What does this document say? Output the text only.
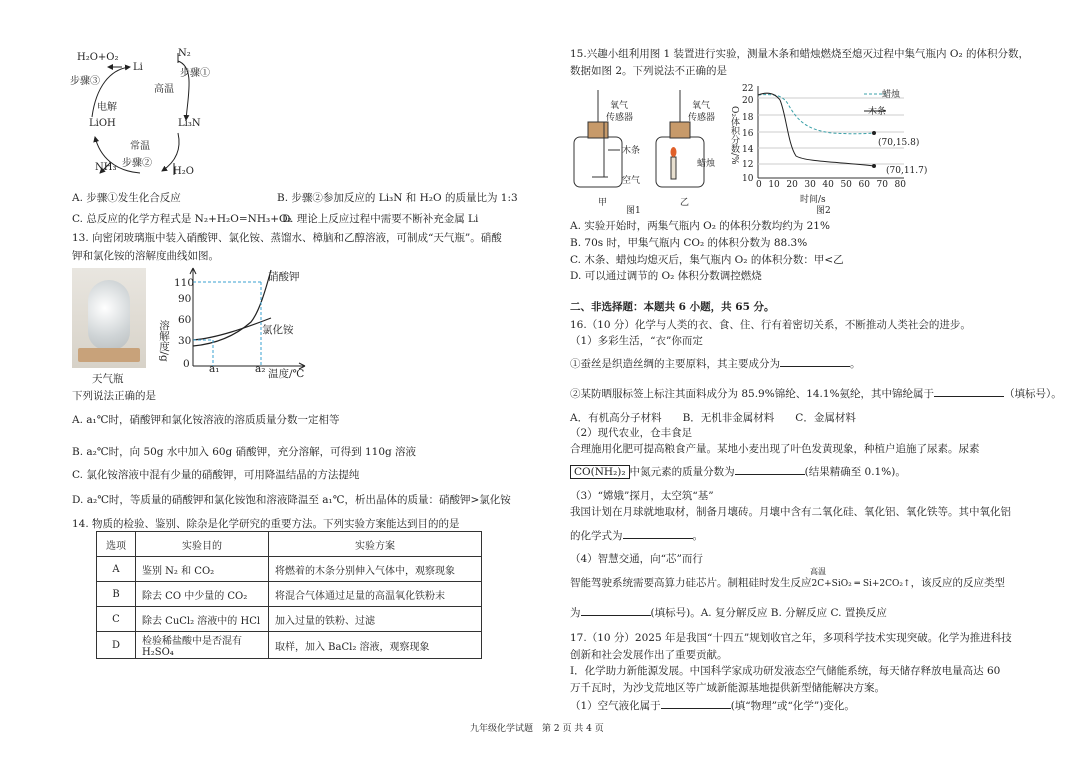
H₂O+O₂
Li
N₂
步骤③
步骤①
高温
电解
LiOH	Li₃N
常温
步骤②
NH₃	H₂O
A. 步骤①发生化合反应	B. 步骤②参加反应的 Li₃N 和 H₂O 的质量比为 1:3
C. 总反应的化学方程式是 N₂+H₂O=NH₃+O₂
D. 理论上反应过程中需要不断补充金属 Li
13. 向密闭玻璃瓶中装入硝酸钾、氯化铵、蒸馏水、樟脑和乙醇溶液，可制成“天气瓶”。硝酸
钾和氯化铵的溶解度曲线如图。
天气瓶
110
90
60
30
0
溶解度/g
a₁	a₂ 温度/℃
硝酸钾
氯化铵
下列说法正确的是
A. a₁℃时，硝酸钾和氯化铵溶液的溶质质量分数一定相等
B. a₂℃时，向 50g 水中加入 60g 硝酸钾，充分溶解，可得到 110g 溶液
C. 氯化铵溶液中混有少量的硝酸钾，可用降温结晶的方法提纯
D. a₂℃时，等质量的硝酸钾和氯化铵饱和溶液降温至 a₁℃，析出晶体的质量：硝酸钾>氯化铵
14. 物质的检验、鉴别、除杂是化学研究的重要方法。下列实验方案能达到目的的是
选项	实验目的	实验方案
A	鉴别 N₂ 和 CO₂	将燃着的木条分别伸入气体中，观察现象
B	除去 CO 中少量的 CO₂	将混合气体通过足量的高温氧化铁粉末
C	除去 CuCl₂ 溶液中的 HCl	加入过量的铁粉、过滤
D	检验稀盐酸中是否混有 H₂SO₄	取样，加入 BaCl₂ 溶液，观察现象
15.兴趣小组利用图 1 装置进行实验，测量木条和蜡烛燃烧至熄灭过程中集气瓶内 O₂ 的体积分数，
数据如图 2。下列说法不正确的是
氧气
传感器
氧气
传感器
木条
蜡烛
空气
甲	乙
图1
蜡烛
木条
(70,15.8)
(70,11.7)
22
20
18
16
14
12
10
O₂体积分数/%
0 10 20 30 40 50 60 70 80
时间/s
图2
A. 实验开始时，两集气瓶内 O₂ 的体积分数均约为 21%
B. 70s 时，甲集气瓶内 CO₂ 的体积分数为 88.3%
C. 木条、蜡烛均熄灭后，集气瓶内 O₂ 的体积分数：甲<乙
D. 可以通过调节的 O₂ 体积分数调控燃烧
二、非选择题：本题共 6 小题，共 65 分。
16.（10 分）化学与人类的衣、食、住、行有着密切关系，不断推动人类社会的进步。
（1）多彩生活，“衣”你而定
①蚕丝是织造丝绸的主要原料，其主要成分为	。
②某防晒服标签上标注其面料成分为 85.9%锦纶、14.1%氨纶，其中锦纶属于	（填标号）。
A．有机高分子材料　　B．无机非金属材料　　C．金属材料
（2）现代农业，仓丰食足
合理施用化肥可提高粮食产量。某地小麦出现了叶色发黄现象，种植户追施了尿素。尿素
CO(NH₂)₂ 中氮元素的质量分数为	(结果精确至 0.1%)。
（3）“嫦娥”探月，太空筑“基”
我国计划在月球就地取材，制备月壤砖。月壤中含有二氧化硅、氧化铝、氧化铁等。其中氧化铝
的化学式为	。
（4）智慧交通，向“芯”而行
高温
智能驾驶系统需要高算力硅芯片。制粗硅时发生反应2C+SiO₂ ═ Si+2CO₂↑，该反应的反应类型
为	(填标号)。A. 复分解反应 B. 分解反应 C. 置换反应
17.（10 分）2025 年是我国“十四五”规划收官之年，多项科学技术实现突破。化学为推进科技
创新和社会发展作出了重要贡献。
Ⅰ．化学助力新能源发展。中国科学家成功研发液态空气储能系统，每天储存释放电量高达 60
万千瓦时，为沙戈荒地区等广域新能源基地提供新型储能解决方案。
（1）空气液化属于	(填“物理”或“化学”)变化。
九年级化学试题　第 2 页 共 4 页
